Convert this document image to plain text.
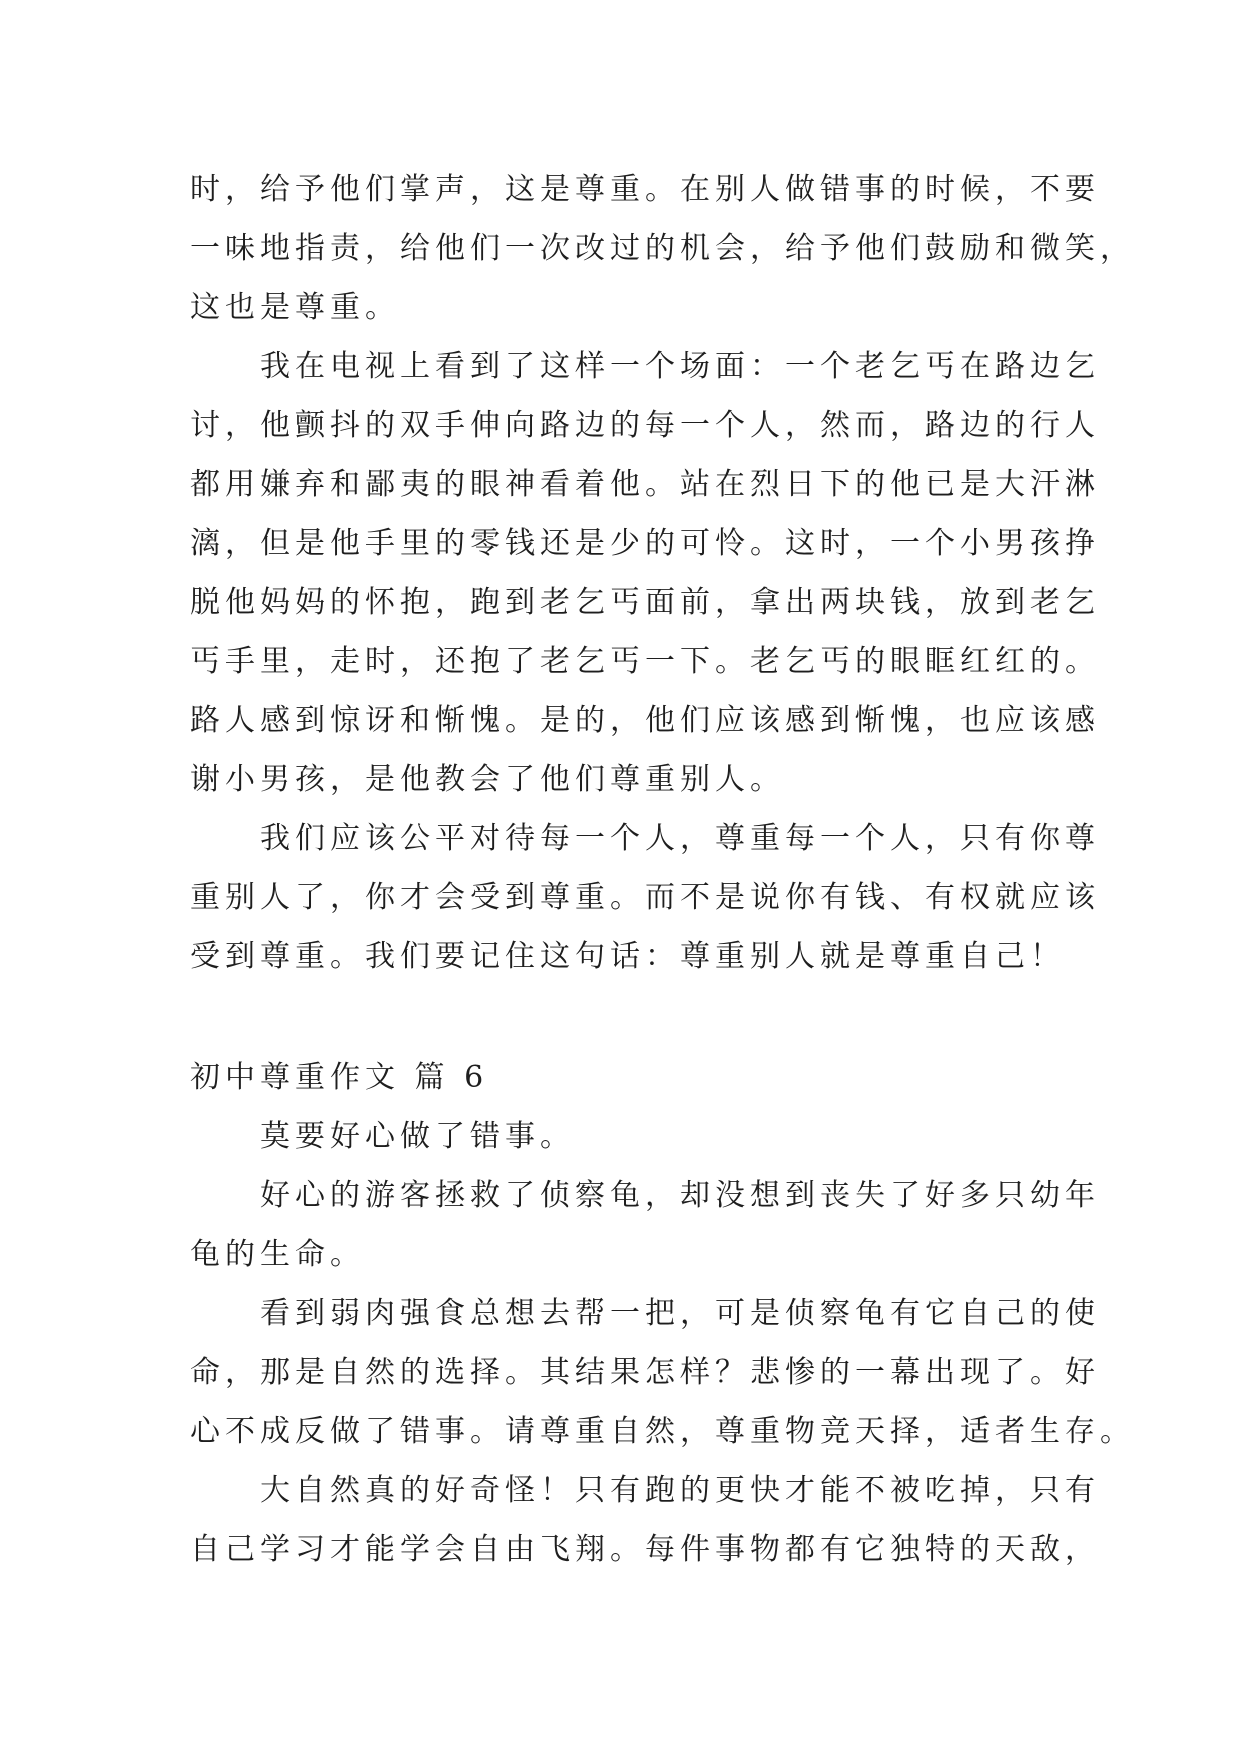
时，给予他们掌声，这是尊重。在别人做错事的时候，不要
一味地指责，给他们一次改过的机会，给予他们鼓励和微笑，
这也是尊重。
我在电视上看到了这样一个场面：一个老乞丐在路边乞
讨，他颤抖的双手伸向路边的每一个人，然而，路边的行人
都用嫌弃和鄙夷的眼神看着他。站在烈日下的他已是大汗淋
漓，但是他手里的零钱还是少的可怜。这时，一个小男孩挣
脱他妈妈的怀抱，跑到老乞丐面前，拿出两块钱，放到老乞
丐手里，走时，还抱了老乞丐一下。老乞丐的眼眶红红的。
路人感到惊讶和惭愧。是的，他们应该感到惭愧，也应该感
谢小男孩，是他教会了他们尊重别人。
我们应该公平对待每一个人，尊重每一个人，只有你尊
重别人了，你才会受到尊重。而不是说你有钱、有权就应该
受到尊重。我们要记住这句话：尊重别人就是尊重自己！
初中尊重作文 篇 6
莫要好心做了错事。
好心的游客拯救了侦察龟，却没想到丧失了好多只幼年
龟的生命。
看到弱肉强食总想去帮一把，可是侦察龟有它自己的使
命，那是自然的选择。其结果怎样？悲惨的一幕出现了。好
心不成反做了错事。请尊重自然，尊重物竞天择，适者生存。
大自然真的好奇怪！只有跑的更快才能不被吃掉，只有
自己学习才能学会自由飞翔。每件事物都有它独特的天敌，
